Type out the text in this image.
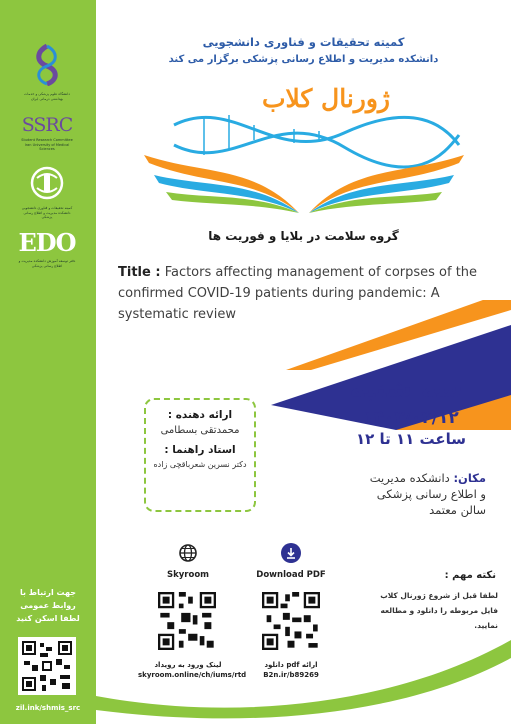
دانشگاه علوم پزشکی و خدمات بهداشتی درمانی ایران
SSRC
Student Research Committee Iran University of Medical Sciences
کمیته تحقیقات و فناوری دانشجویی دانشکده مدیریت و اطلاع رسانی پزشکی
EDO
دفتر توسعه آموزش دانشکده مدیریت و اطلاع رسانی پزشکی
جهت ارتباط با
روابط عمومی
لطفا اسکن کنید
zil.ink/shmis_src
کمیته تحقیقات و فناوری دانشجویی
دانشکده مدیریت و اطلاع رسانی پزشکی برگزار می کند
ژورنال کلاب
گروه سلامت در بلایا و فوریت ها
Title : Factors affecting management of corpses of the confirmed COVID-19 patients during pandemic: A systematic review
سه شنبه
۱۴۰۳/۰۴/۱۲
ساعت ۱۱ تا ۱۲
ارائه دهنده :
محمدتقی بسطامی
استاد راهنما :
دکتر نسرین شعرباقچی زاده
مکان: دانشکده مدیریت
و اطلاع رسانی پزشکی
سالن معتمد
Skyroom	Download PDF
لینک ورود به رویداد
skyroom.online/ch/iums/rtd
دانلود pdf ارائه
B2n.ir/b89269
نکته مهم :
لطفا قبل از شروع ژورنال کلاب
فایل مربوطه را دانلود و مطالعه
نمایید.
